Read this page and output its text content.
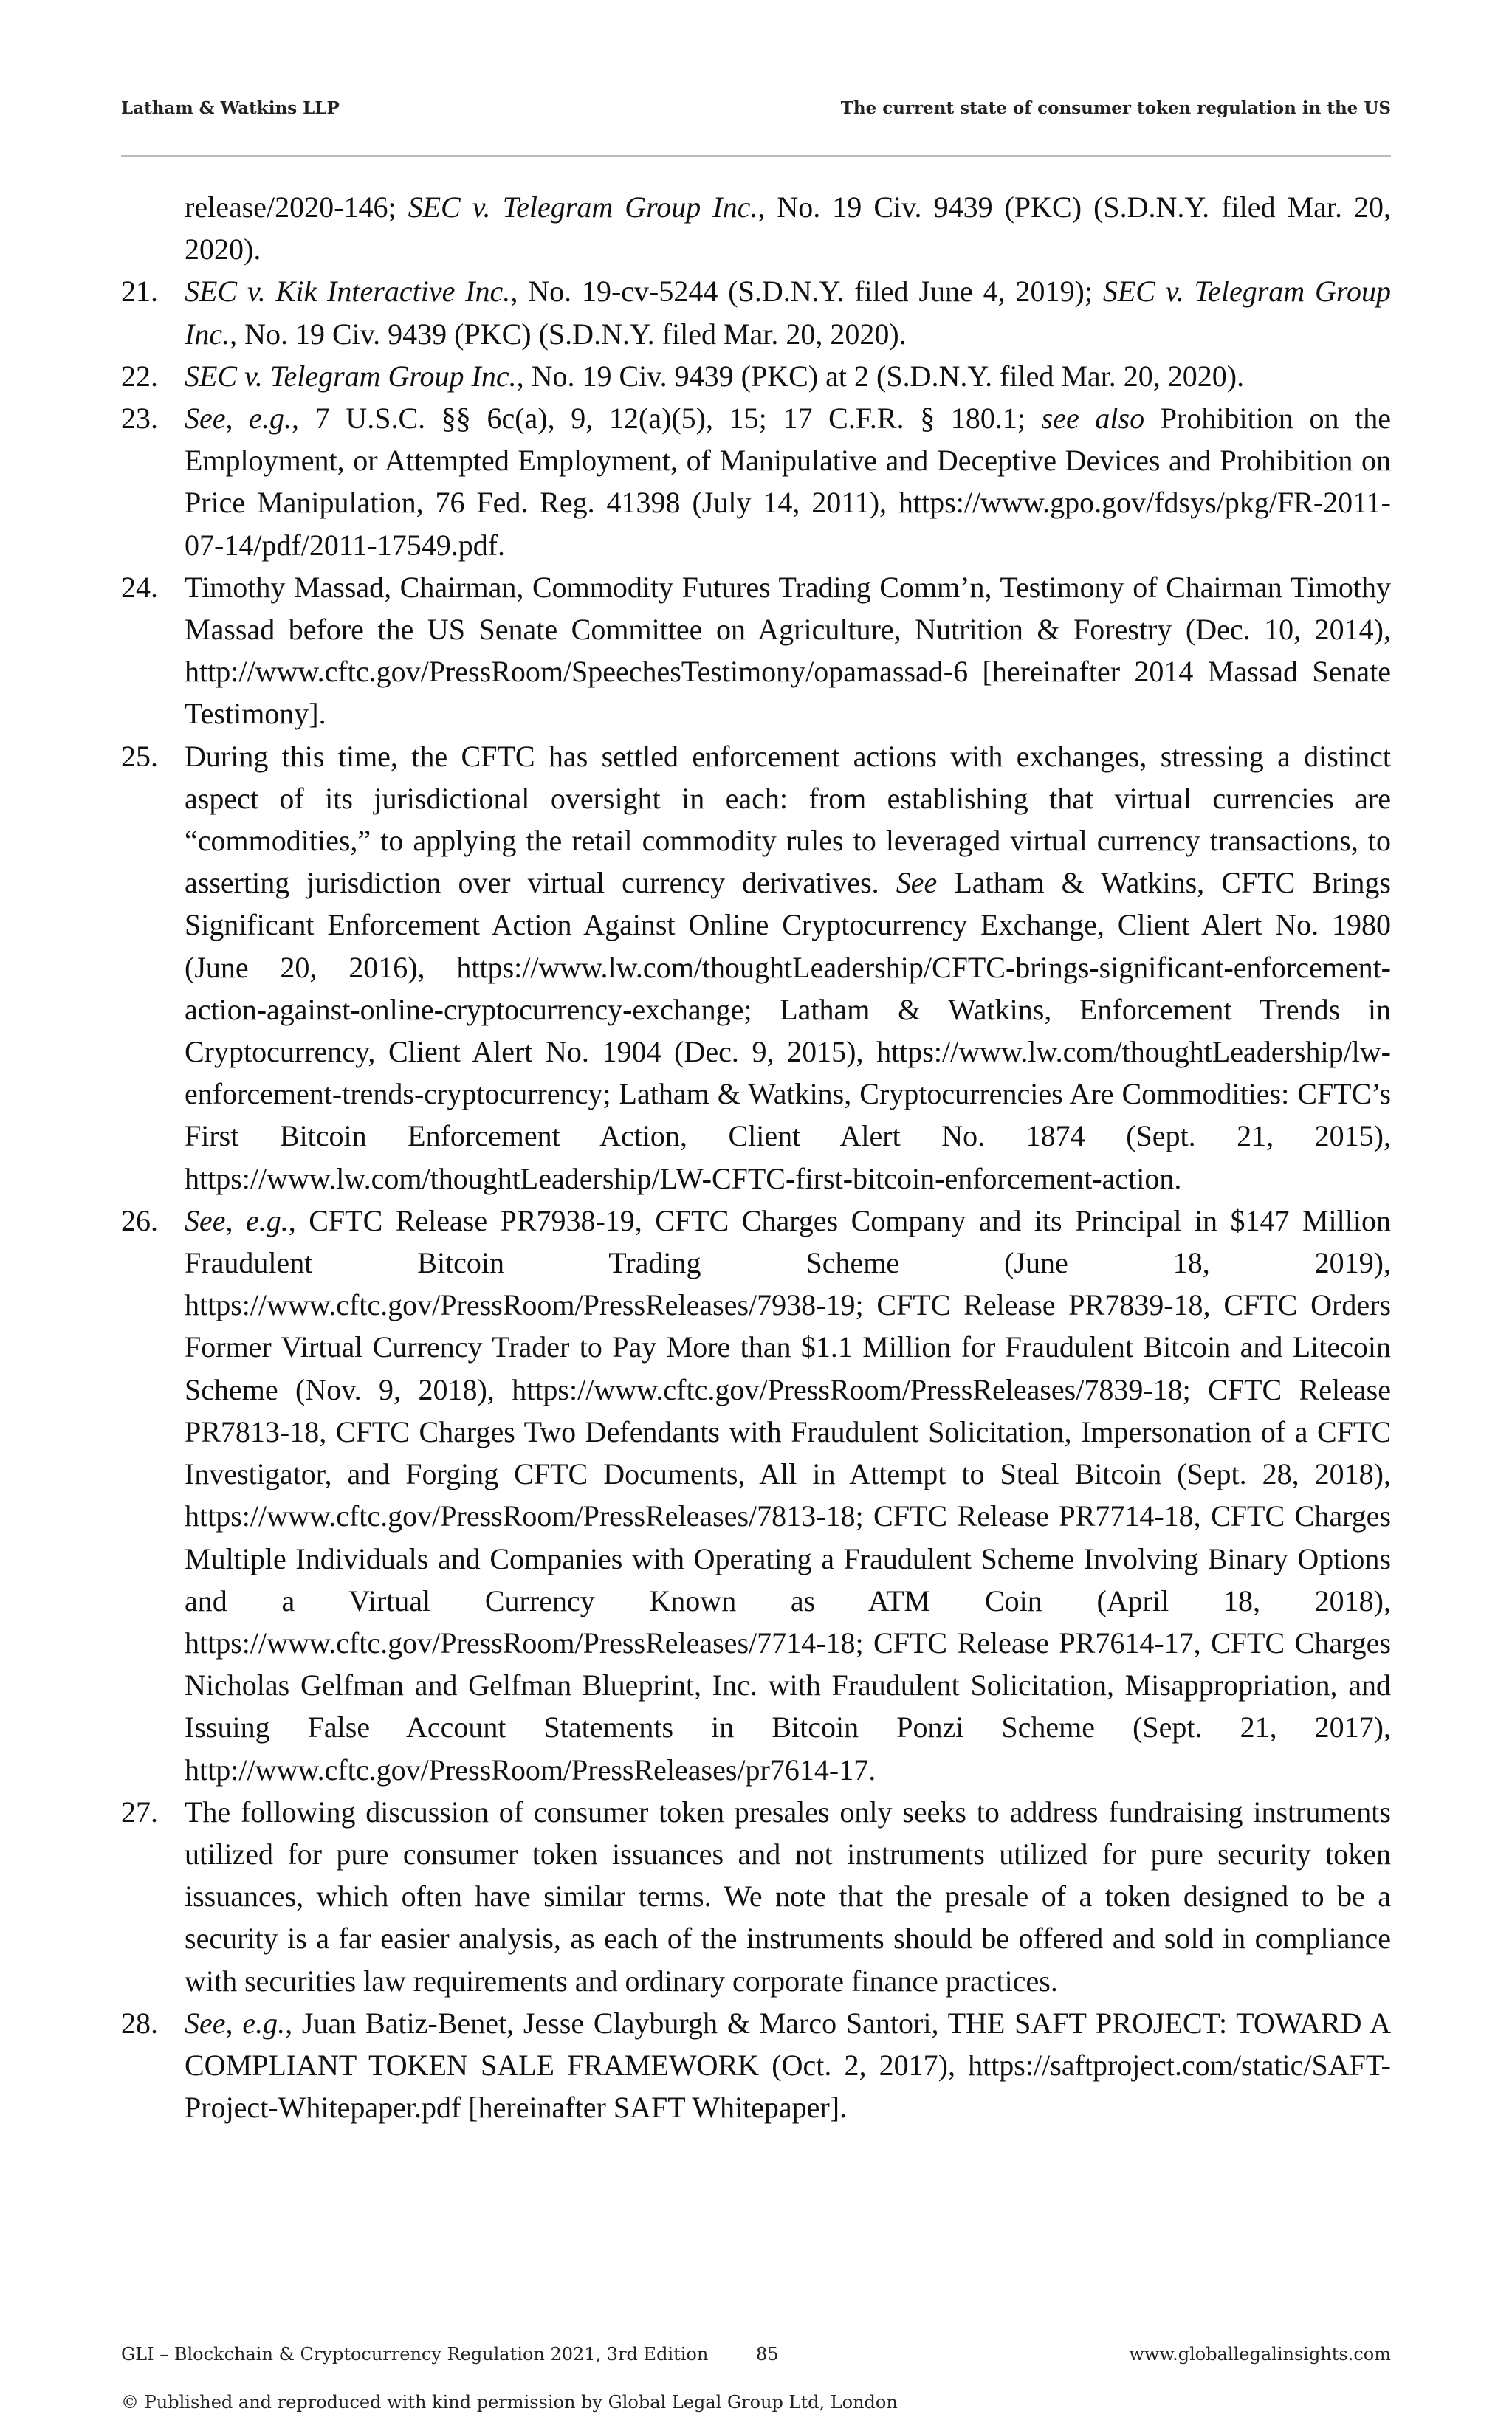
Latham & Watkins LLP	The current state of consumer token regulation in the US
release/2020-146; SEC v. Telegram Group Inc., No. 19 Civ. 9439 (PKC) (S.D.N.Y. filed Mar. 20, 2020).
21. SEC v. Kik Interactive Inc., No. 19-cv-5244 (S.D.N.Y. filed June 4, 2019); SEC v. Telegram Group Inc., No. 19 Civ. 9439 (PKC) (S.D.N.Y. filed Mar. 20, 2020).
22. SEC v. Telegram Group Inc., No. 19 Civ. 9439 (PKC) at 2 (S.D.N.Y. filed Mar. 20, 2020).
23. See, e.g., 7 U.S.C. §§ 6c(a), 9, 12(a)(5), 15; 17 C.F.R. § 180.1; see also Prohibition on the Employment, or Attempted Employment, of Manipulative and Deceptive Devices and Prohibition on Price Manipulation, 76 Fed. Reg. 41398 (July 14, 2011), https://www.gpo.gov/fdsys/pkg/FR-2011-07-14/pdf/2011-17549.pdf.
24. Timothy Massad, Chairman, Commodity Futures Trading Comm’n, Testimony of Chairman Timothy Massad before the US Senate Committee on Agriculture, Nutrition & Forestry (Dec. 10, 2014), http://www.cftc.gov/PressRoom/SpeechesTestimony/opamassad-6 [hereinafter 2014 Massad Senate Testimony].
25. During this time, the CFTC has settled enforcement actions with exchanges, stressing a distinct aspect of its jurisdictional oversight in each: from establishing that virtual currencies are “commodities,” to applying the retail commodity rules to leveraged virtual currency transactions, to asserting jurisdiction over virtual currency derivatives. See Latham & Watkins, CFTC Brings Significant Enforcement Action Against Online Cryptocurrency Exchange, Client Alert No. 1980 (June 20, 2016), https://www.lw.com/thoughtLeadership/CFTC-brings-significant-enforcement-action-against-online-cryptocurrency-exchange; Latham & Watkins, Enforcement Trends in Cryptocurrency, Client Alert No. 1904 (Dec. 9, 2015), https://www.lw.com/thoughtLeadership/lw-enforcement-trends-cryptocurrency; Latham & Watkins, Cryptocurrencies Are Commodities: CFTC’s First Bitcoin Enforcement Action, Client Alert No. 1874 (Sept. 21, 2015), https://www.lw.com/thoughtLeadership/LW-CFTC-first-bitcoin-enforcement-action.
26. See, e.g., CFTC Release PR7938-19, CFTC Charges Company and its Principal in $147 Million Fraudulent Bitcoin Trading Scheme (June 18, 2019), https://www.cftc.gov/PressRoom/PressReleases/7938-19; CFTC Release PR7839-18, CFTC Orders Former Virtual Currency Trader to Pay More than $1.1 Million for Fraudulent Bitcoin and Litecoin Scheme (Nov. 9, 2018), https://www.cftc.gov/PressRoom/PressReleases/7839-18; CFTC Release PR7813-18, CFTC Charges Two Defendants with Fraudulent Solicitation, Impersonation of a CFTC Investigator, and Forging CFTC Documents, All in Attempt to Steal Bitcoin (Sept. 28, 2018), https://www.cftc.gov/PressRoom/PressReleases/7813-18; CFTC Release PR7714-18, CFTC Charges Multiple Individuals and Companies with Operating a Fraudulent Scheme Involving Binary Options and a Virtual Currency Known as ATM Coin (April 18, 2018), https://www.cftc.gov/PressRoom/PressReleases/7714-18; CFTC Release PR7614-17, CFTC Charges Nicholas Gelfman and Gelfman Blueprint, Inc. with Fraudulent Solicitation, Misappropriation, and Issuing False Account Statements in Bitcoin Ponzi Scheme (Sept. 21, 2017), http://www.cftc.gov/PressRoom/PressReleases/pr7614-17.
27. The following discussion of consumer token presales only seeks to address fundraising instruments utilized for pure consumer token issuances and not instruments utilized for pure security token issuances, which often have similar terms. We note that the presale of a token designed to be a security is a far easier analysis, as each of the instruments should be offered and sold in compliance with securities law requirements and ordinary corporate finance practices.
28. See, e.g., Juan Batiz-Benet, Jesse Clayburgh & Marco Santori, THE SAFT PROJECT: TOWARD A COMPLIANT TOKEN SALE FRAMEWORK (Oct. 2, 2017), https://saftproject.com/static/SAFT-Project-Whitepaper.pdf [hereinafter SAFT Whitepaper].
GLI – Blockchain & Cryptocurrency Regulation 2021, 3rd Edition	85	www.globallegalinsights.com
© Published and reproduced with kind permission by Global Legal Group Ltd, London
